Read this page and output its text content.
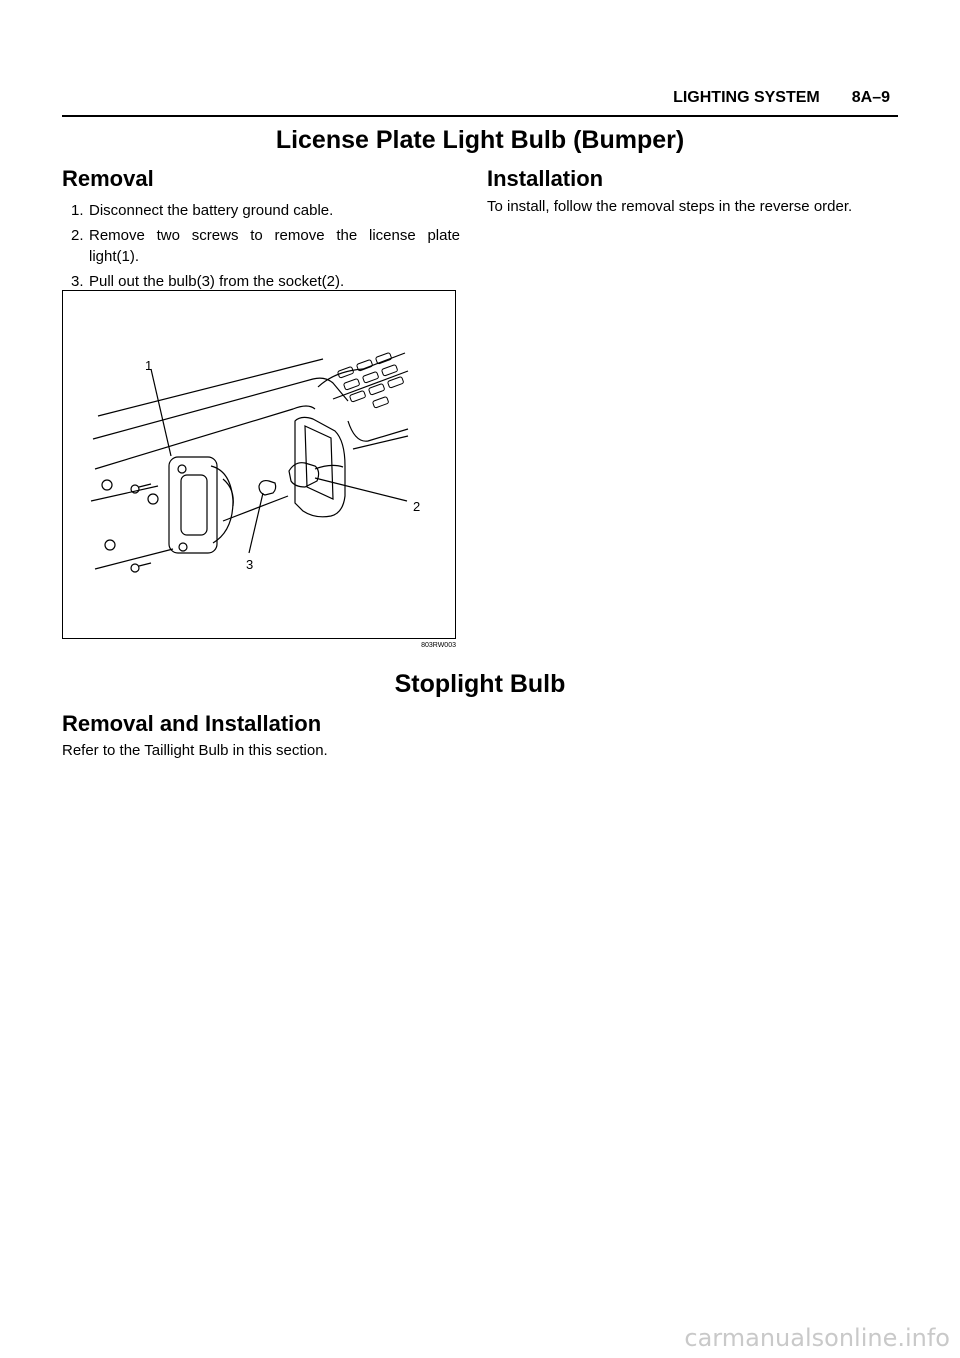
LIGHTING SYSTEM 8A–9
License Plate Light Bulb (Bumper)
Removal
1. Disconnect the battery ground cable.
2. Remove two screws to remove the license plate light(1).
3. Pull out the bulb(3) from the socket(2).
Installation
To install, follow the removal steps in the reverse order.
1
2
3
803RW003
Stoplight Bulb
Removal and Installation
Refer to the Taillight Bulb in this section.
carmanualsonline.info
